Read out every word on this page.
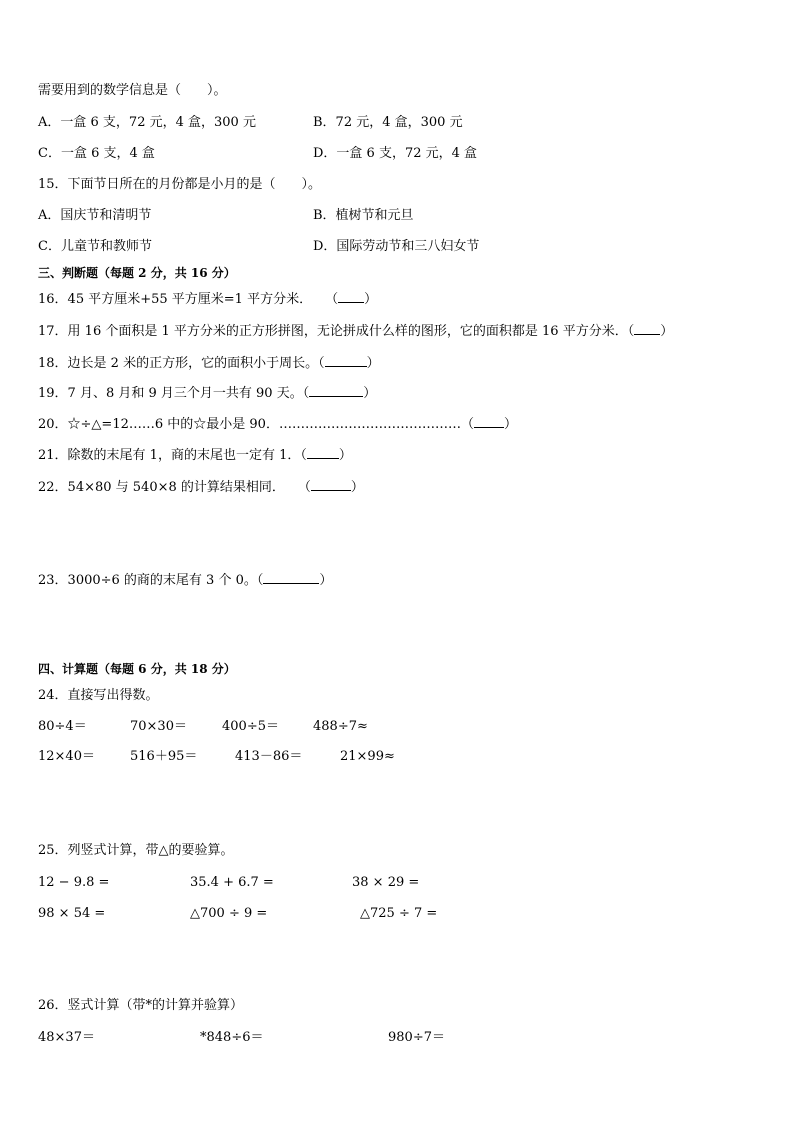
需要用到的数学信息是（　　）。
A．一盒 6 支，72 元，4 盒，300 元	B．72 元，4 盒，300 元
C．一盒 6 支，4 盒	D．一盒 6 支，72 元，4 盒
15．下面节日所在的月份都是小月的是（　　）。
A．国庆节和清明节	B．植树节和元旦
C．儿童节和教师节	D．国际劳动节和三八妇女节
三、判断题（每题 2 分，共 16 分）
16．45 平方厘米+55 平方厘米=1 平方分米．　　（ ）
17．用 16 个面积是 1 平方分米的正方形拼图，无论拼成什么样的图形，它的面积都是 16 平方分米．（ ）
18．边长是 2 米的正方形，它的面积小于周长。（	）
19．7 月、8 月和 9 月三个月一共有 90 天。（	）
20．☆÷△=12……6 中的☆最小是 90．……………………………………（ ）
21．除数的末尾有 1，商的末尾也一定有 1．（ ）
22．54×80 与 540×8 的计算结果相同．　　（	）
23．3000÷6 的商的末尾有 3 个 0。（	）
四、计算题（每题 6 分，共 18 分）
24．直接写出得数。
80÷4＝	70×30＝	400÷5＝	488÷7≈
12×40＝	516＋95＝	413－86＝	21×99≈
25．列竖式计算，带△的要验算。
12 − 9.8 =	35.4 + 6.7 =	38 × 29 =
98 × 54 =	△700 ÷ 9 =	△725 ÷ 7 =
26．竖式计算（带*的计算并验算）
48×37＝	*848÷6＝	980÷7＝
